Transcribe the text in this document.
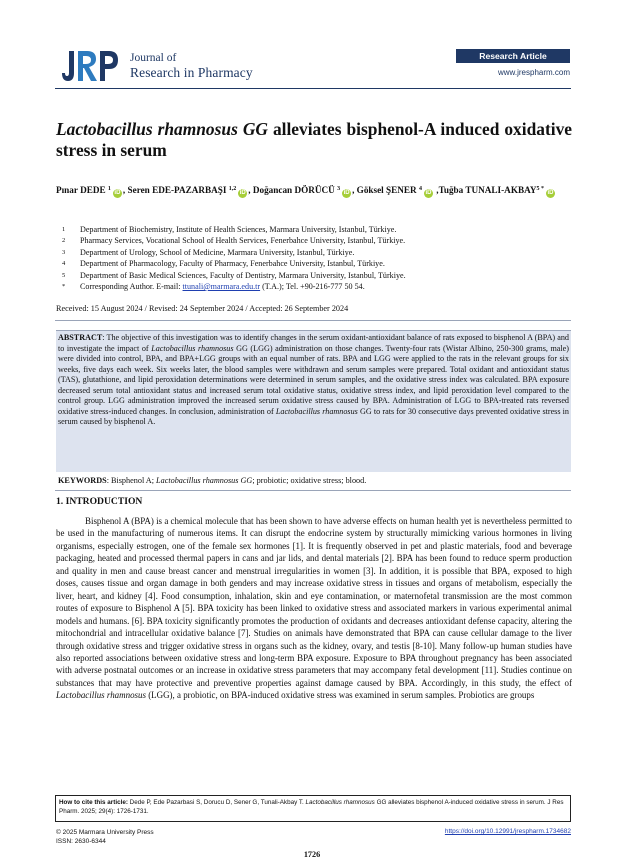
Journal of
Research in Pharmacy
Research Article
www.jrespharm.com
Lactobacillus rhamnosus GG alleviates bisphenol-A induced oxidative stress in serum
Pınar DEDE $^1$iD , Seren EDE-PAZARBAŞI $^{1,2}$iD , Doğancan DÖRÜCÜ $^3$iD , Göksel ŞENER $^4$iD ,Tuğba TUNALI-$AKBAY^{5 *}iD$
1	Department of Biochemistry, Institute of Health Sciences, Marmara University, Istanbul, Türkiye.
2	Pharmacy Services, Vocational School of Health Services, Fenerbahce University, Istanbul, Türkiye.
3	Department of Urology, School of Medicine, Marmara University, Istanbul, Türkiye.
4	Department of Pharmacology, Faculty of Pharmacy, Fenerbahce University, Istanbul, Türkiye.
5	Department of Basic Medical Sciences, Faculty of Dentistry, Marmara University, Istanbul, Türkiye.
*	Corresponding Author. E-mail: ttunali@marmara.edu.tr (T.A.); Tel. +90-216-777 50 54.
Received: 15 August 2024 / Revised: 24 September 2024 / Accepted: 26 September 2024
ABSTRACT: The objective of this investigation was to identify changes in the serum oxidant-antioxidant balance of rats exposed to bisphenol A (BPA) and to investigate the impact of Lactobacillus rhamnosus GG (LGG) administration on those changes. Twenty-four rats (Wistar Albino, 250-300 grams, male) were divided into control, BPA, and BPA+LGG groups with an equal number of rats. BPA and LGG were applied to the rats in the relevant groups for six weeks, five days each week. Six weeks later, the blood samples were withdrawn and serum samples were prepared. Total oxidant and antioxidant status (TAS), glutathione, and lipid peroxidation determinations were determined in serum samples, and the oxidative stress index was calculated. BPA exposure decreased serum total antioxidant status and increased serum total oxidative status, oxidative stress index, and lipid peroxidation level compared to the control group. LGG administration improved the increased serum oxidative stress caused by BPA. Administration of LGG to BPA-treated rats reversed oxidative stress-induced changes. In conclusion, administration of Lactobacillus rhamnosus GG to rats for 30 consecutive days prevented oxidative stress in serum caused by bisphenol A.
KEYWORDS: Bisphenol A; Lactobacillus rhamnosus GG; probiotic; oxidative stress; blood.
1. INTRODUCTION

Bisphenol A (BPA) is a chemical molecule that has been shown to have adverse effects on human health yet is nevertheless permitted to be used in the manufacturing of numerous items. It can disrupt the endocrine system by structurally mimicking various hormones in living organisms, especially estrogen, one of the female sex hormones [1]. It is frequently observed in pet and plastic materials, food and beverage packaging, heated and processed thermal papers in cans and jar lids, and dental materials [2]. BPA has been found to reduce sperm production and quality in men and cause breast cancer and menstrual irregularities in women [3]. In addition, it is possible that BPA, exposed to high doses, causes tissue and organ damage in both genders and may increase oxidative stress in tissues and organs of metabolism, especially the liver, heart, and kidney [4]. Food consumption, inhalation, skin and eye contamination, or maternofetal transmission are the most common routes of exposure to Bisphenol A [5]. BPA toxicity has been linked to oxidative stress and associated markers in various experimental animal models and humans. [6]. BPA toxicity significantly promotes the production of oxidants and decreases antioxidant defense capacity, altering the mitochondrial and intracellular oxidative balance [7]. Studies on animals have demonstrated that BPA can cause cellular damage to the liver through oxidative stress and trigger oxidative stress in organs such as the kidney, ovary, and testis [8-10]. Many follow-up human studies have also reported associations between oxidative stress and long-term BPA exposure. Exposure to BPA throughout pregnancy has been associated with adverse postnatal outcomes or an increase in oxidative stress parameters that may accompany fetal development [11]. Studies continue on substances that may have protective and preventive properties against damage caused by BPA. Accordingly, in this study, the effect of Lactobacillus rhamnosus (LGG), a probiotic, on BPA-induced oxidative stress was examined in serum samples. Probiotics are groups

How to cite this article: Dede P, Ede Pazarbasi S, Dorucu D, Sener G, Tunali-Akbay T. Lactobacillus rhamnosus GG alleviates bisphenol A-induced oxidative stress in serum. J Res Pharm. 2025; 29(4): 1726-1731.
© 2025 Marmara University Press
ISSN: 2630-6344
https://doi.org/10.12991/jrespharm.1734682
1726
